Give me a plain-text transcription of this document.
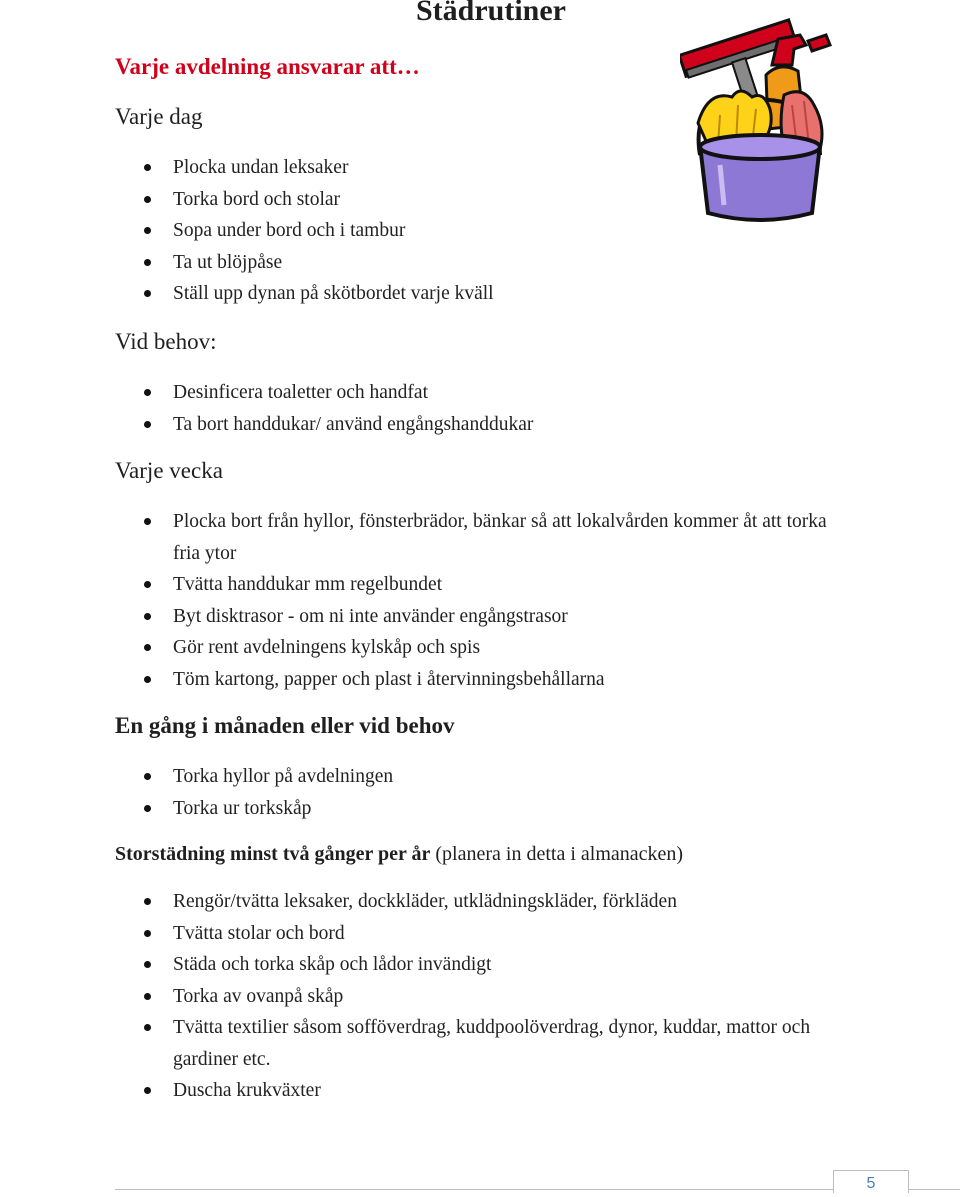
Städrutiner
Varje avdelning ansvarar att…
Varje dag
Plocka undan leksaker
Torka bord och stolar
Sopa under bord och i tambur
Ta ut blöjpåse
Ställ upp dynan på skötbordet varje kväll
Vid behov:
Desinficera toaletter och handfat
Ta bort handdukar/ använd engångshanddukar
Varje vecka
Plocka bort från hyllor, fönsterbrädor, bänkar så att lokalvården kommer åt att torka fria ytor
Tvätta handdukar mm regelbundet
Byt disktrasor - om ni inte använder engångstrasor
Gör rent avdelningens kylskåp och spis
Töm kartong, papper och plast i återvinningsbehållarna
En gång i månaden eller vid behov
Torka hyllor på avdelningen
Torka ur torkskåp
Storstädning minst två gånger per år (planera in detta i almanacken)
Rengör/tvätta leksaker, dockkläder, utklädningskläder, förkläden
Tvätta stolar och bord
Städa och torka skåp och lådor invändigt
Torka av ovanpå skåp
Tvätta textilier såsom sofföverdrag, kuddpoolöverdrag, dynor, kuddar, mattor och gardiner etc.
Duscha krukväxter
5
